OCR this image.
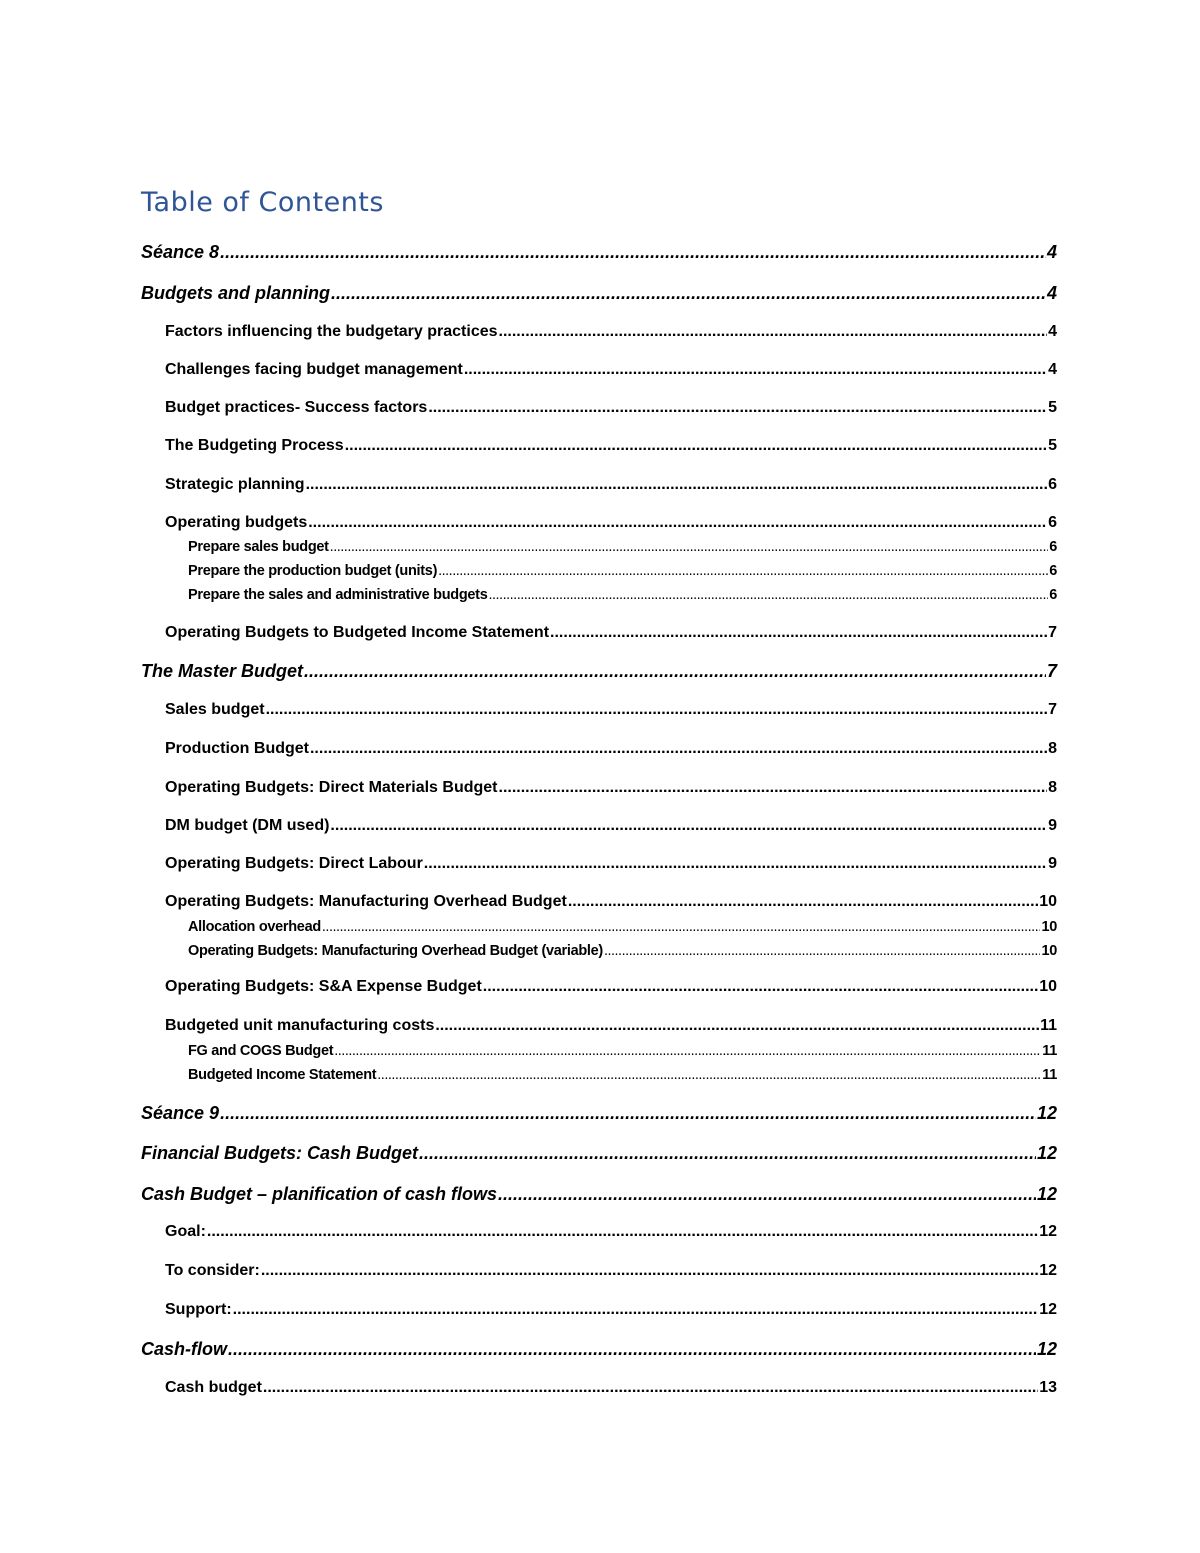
Table of Contents
Séance 8 .....	4
Budgets and planning .....	4
Factors influencing the budgetary practices .....	4
Challenges facing budget management .....	4
Budget practices- Success factors .....	5
The Budgeting Process .....	5
Strategic planning .....	6
Operating budgets .....	6
Prepare sales budget .....	6
Prepare the production budget (units) .....	6
Prepare the sales and administrative budgets .....	6
Operating Budgets to Budgeted Income Statement .....	7
The Master Budget .....	7
Sales budget .....	7
Production Budget .....	8
Operating Budgets: Direct Materials Budget .....	8
DM budget (DM used) .....	9
Operating Budgets: Direct Labour .....	9
Operating Budgets: Manufacturing Overhead Budget .....	10
Allocation overhead .....	10
Operating Budgets: Manufacturing Overhead Budget (variable) .....	10
Operating Budgets: S&A Expense Budget .....	10
Budgeted unit manufacturing costs .....	11
FG and COGS Budget .....	11
Budgeted Income Statement .....	11
Séance 9 .....	12
Financial Budgets: Cash Budget .....	12
Cash Budget – planification of cash flows .....	12
Goal: .....	12
To consider: .....	12
Support: .....	12
Cash-flow .....	12
Cash budget .....	13
